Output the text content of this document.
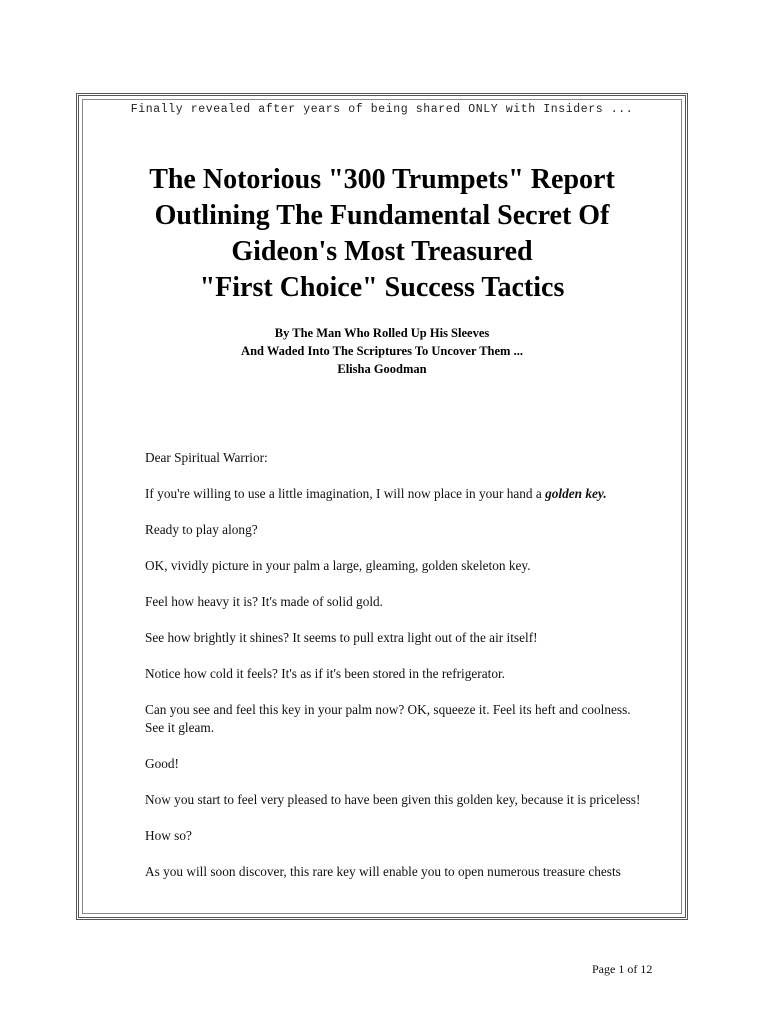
Finally revealed after years of being shared ONLY with Insiders ...

The Notorious "300 Trumpets" Report
Outlining The Fundamental Secret Of
Gideon's Most Treasured
"First Choice" Success Tactics
By The Man Who Rolled Up His Sleeves
And Waded Into The Scriptures To Uncover Them ...
Elisha Goodman

Dear Spiritual Warrior:

If you're willing to use a little imagination, I will now place in your hand a golden key.

Ready to play along?

OK, vividly picture in your palm a large, gleaming, golden skeleton key.

Feel how heavy it is? It's made of solid gold.

See how brightly it shines? It seems to pull extra light out of the air itself!

Notice how cold it feels? It's as if it's been stored in the refrigerator.

Can you see and feel this key in your palm now? OK, squeeze it. Feel its heft and coolness.

See it gleam.

Good!

Now you start to feel very pleased to have been given this golden key, because it is priceless!

How so?

As you will soon discover, this rare key will enable you to open numerous treasure chests

Page 1 of 12
